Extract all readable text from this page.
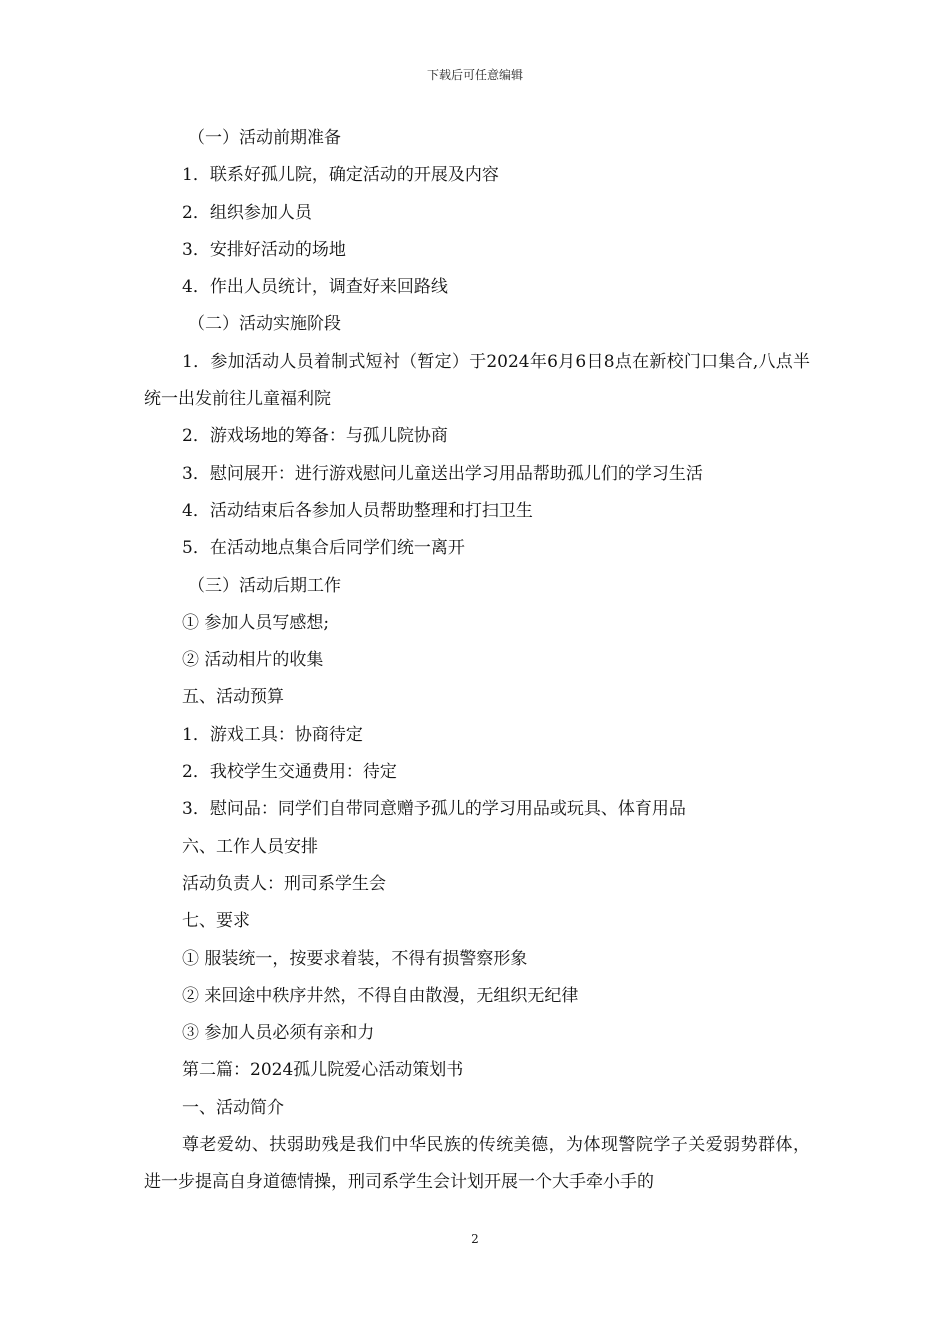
下载后可任意编辑
（一）活动前期准备
1．联系好孤儿院，确定活动的开展及内容
2．组织参加人员
3．安排好活动的场地
4．作出人员统计，调查好来回路线
（二）活动实施阶段
1．参加活动人员着制式短衬（暂定）于2024年6月6日8点在新校门口集合,八点半统一出发前往儿童福利院
2．游戏场地的筹备：与孤儿院协商
3．慰问展开：进行游戏慰问儿童送出学习用品帮助孤儿们的学习生活
4．活动结束后各参加人员帮助整理和打扫卫生
5．在活动地点集合后同学们统一离开
（三）活动后期工作
① 参加人员写感想;
② 活动相片的收集
五、活动预算
1．游戏工具：协商待定
2．我校学生交通费用：待定
3．慰问品：同学们自带同意赠予孤儿的学习用品或玩具、体育用品
六、工作人员安排
活动负责人：刑司系学生会
七、要求
① 服装统一，按要求着装，不得有损警察形象
② 来回途中秩序井然，不得自由散漫，无组织无纪律
③ 参加人员必须有亲和力
第二篇：2024孤儿院爱心活动策划书
一、活动简介
尊老爱幼、扶弱助残是我们中华民族的传统美德，为体现警院学子关爱弱势群体，进一步提高自身道德情操，刑司系学生会计划开展一个大手牵小手的
2
